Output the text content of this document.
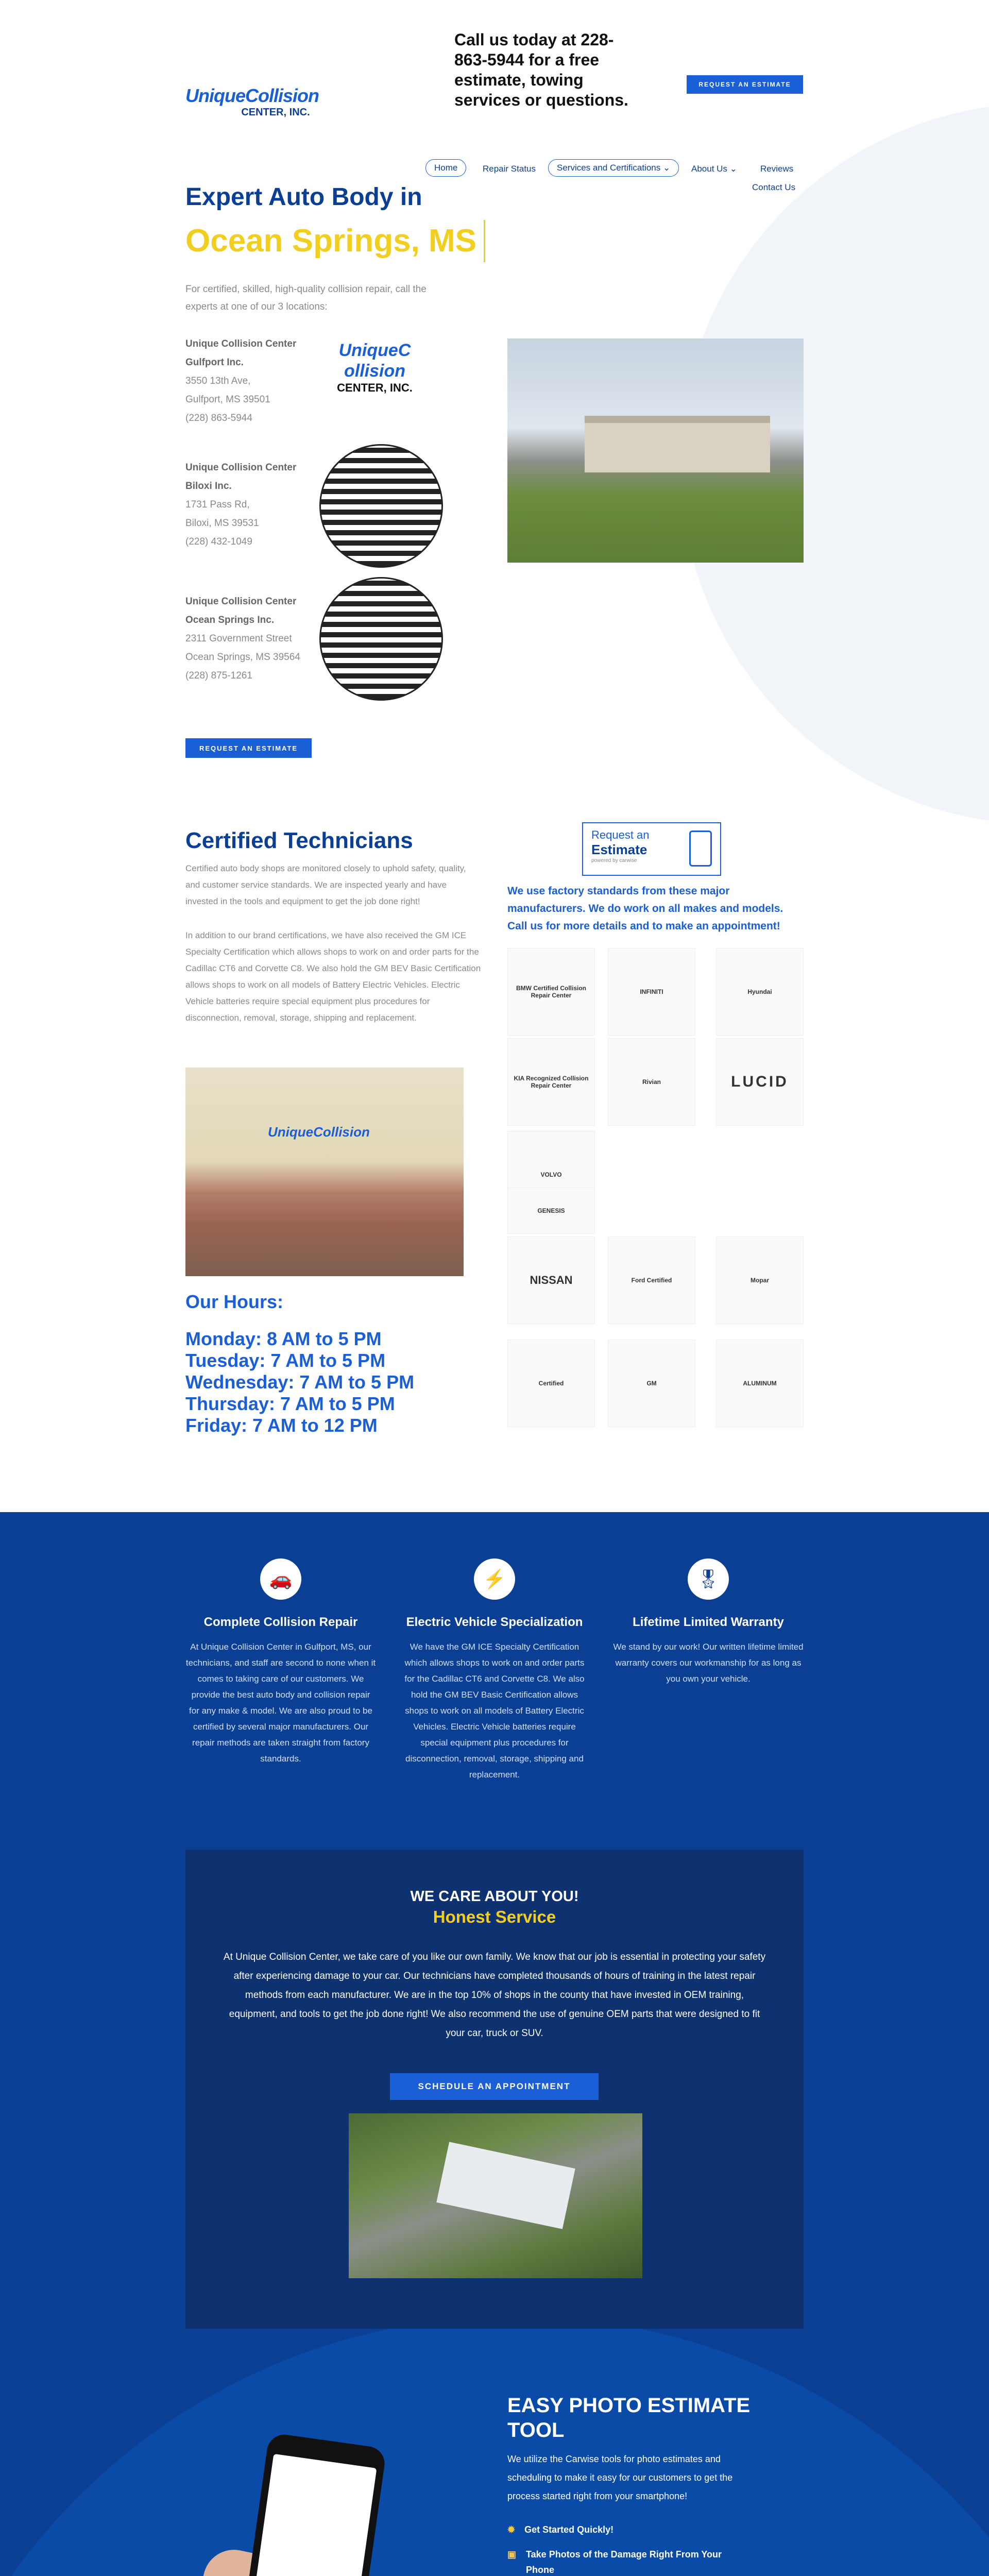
UniqueCollision
CENTER, INC.
Call us today at 228-863-5944 for a free estimate, towing services or questions.
REQUEST AN ESTIMATE
Home	Repair Status	Services and Certifications ⌄	About Us ⌄	Reviews
Contact Us
Expert Auto Body in
Ocean Springs, MS
For certified, skilled, high-quality collision repair, call the experts at one of our 3 locations:
Unique Collision Center Gulfport Inc.
3550 13th Ave,
Gulfport, MS 39501
(228) 863-5944
UniqueCollision
CENTER, INC.
Unique Collision Center Biloxi Inc.
1731 Pass Rd,
Biloxi, MS 39531
(228) 432-1049
Unique Collision Center Ocean Springs Inc.
2311 Government Street
Ocean Springs, MS 39564
(228) 875-1261
REQUEST AN ESTIMATE
Certified Technicians
Certified auto body shops are monitored closely to uphold safety, quality, and customer service standards. We are inspected yearly and have invested in the tools and equipment to get the job done right!
In addition to our brand certifications, we have also received the GM ICE Specialty Certification which allows shops to work on and order parts for the Cadillac CT6 and Corvette C8. We also hold the GM BEV Basic Certification allows shops to work on all models of Battery Electric Vehicles. Electric Vehicle batteries require special equipment plus procedures for disconnection, removal, storage, shipping and replacement.
UniqueCollision
Our Hours:
Monday: 8 AM to 5 PM
Tuesday: 7 AM to 5 PM
Wednesday: 7 AM to 5 PM
Thursday: 7 AM to 5 PM
Friday: 7 AM to 12 PM
Request an
Estimate
powered by carwise
We use factory standards from these major manufacturers. We do work on all makes and models. Call us for more details and to make an appointment!
BMW Certified Collision Repair Center	INFINITI	Hyundai
KIA Recognized Collision Repair Center	Rivian	LUCID
VOLVO
GENESIS
NISSAN	Ford Certified	Mopar
Certified	GM	ALUMINUM
🚗
Complete Collision Repair

At Unique Collision Center in Gulfport, MS, our technicians, and staff are second to none when it comes to taking care of our customers. We provide the best auto body and collision repair for any make & model. We are also proud to be certified by several major manufacturers. Our repair methods are taken straight from factory standards.

⚡
Electric Vehicle Specialization

We have the GM ICE Specialty Certification which allows shops to work on and order parts for the Cadillac CT6 and Corvette C8. We also hold the GM BEV Basic Certification allows shops to work on all models of Battery Electric Vehicles. Electric Vehicle batteries require special equipment plus procedures for disconnection, removal, storage, shipping and replacement.

🎖
Lifetime Limited Warranty

We stand by our work! Our written lifetime limited warranty covers our workmanship for as long as you own your vehicle.

WE CARE ABOUT YOU!
Honest Service
At Unique Collision Center, we take care of you like our own family. We know that our job is essential in protecting your safety after experiencing damage to your car. Our technicians have completed thousands of hours of training in the latest repair methods from each manufacturer. We are in the top 10% of shops in the county that have invested in OEM training, equipment, and tools to get the job done right! We also recommend the use of genuine OEM parts that were designed to fit your car, truck or SUV.
SCHEDULE AN APPOINTMENT
EASY PHOTO ESTIMATE
TOOL
We utilize the Carwise tools for photo estimates and scheduling to make it easy for our customers to get the process started right from your smartphone!
✹ Get Started Quickly!
▣ Take Photos of the Damage Right From Your Phone
